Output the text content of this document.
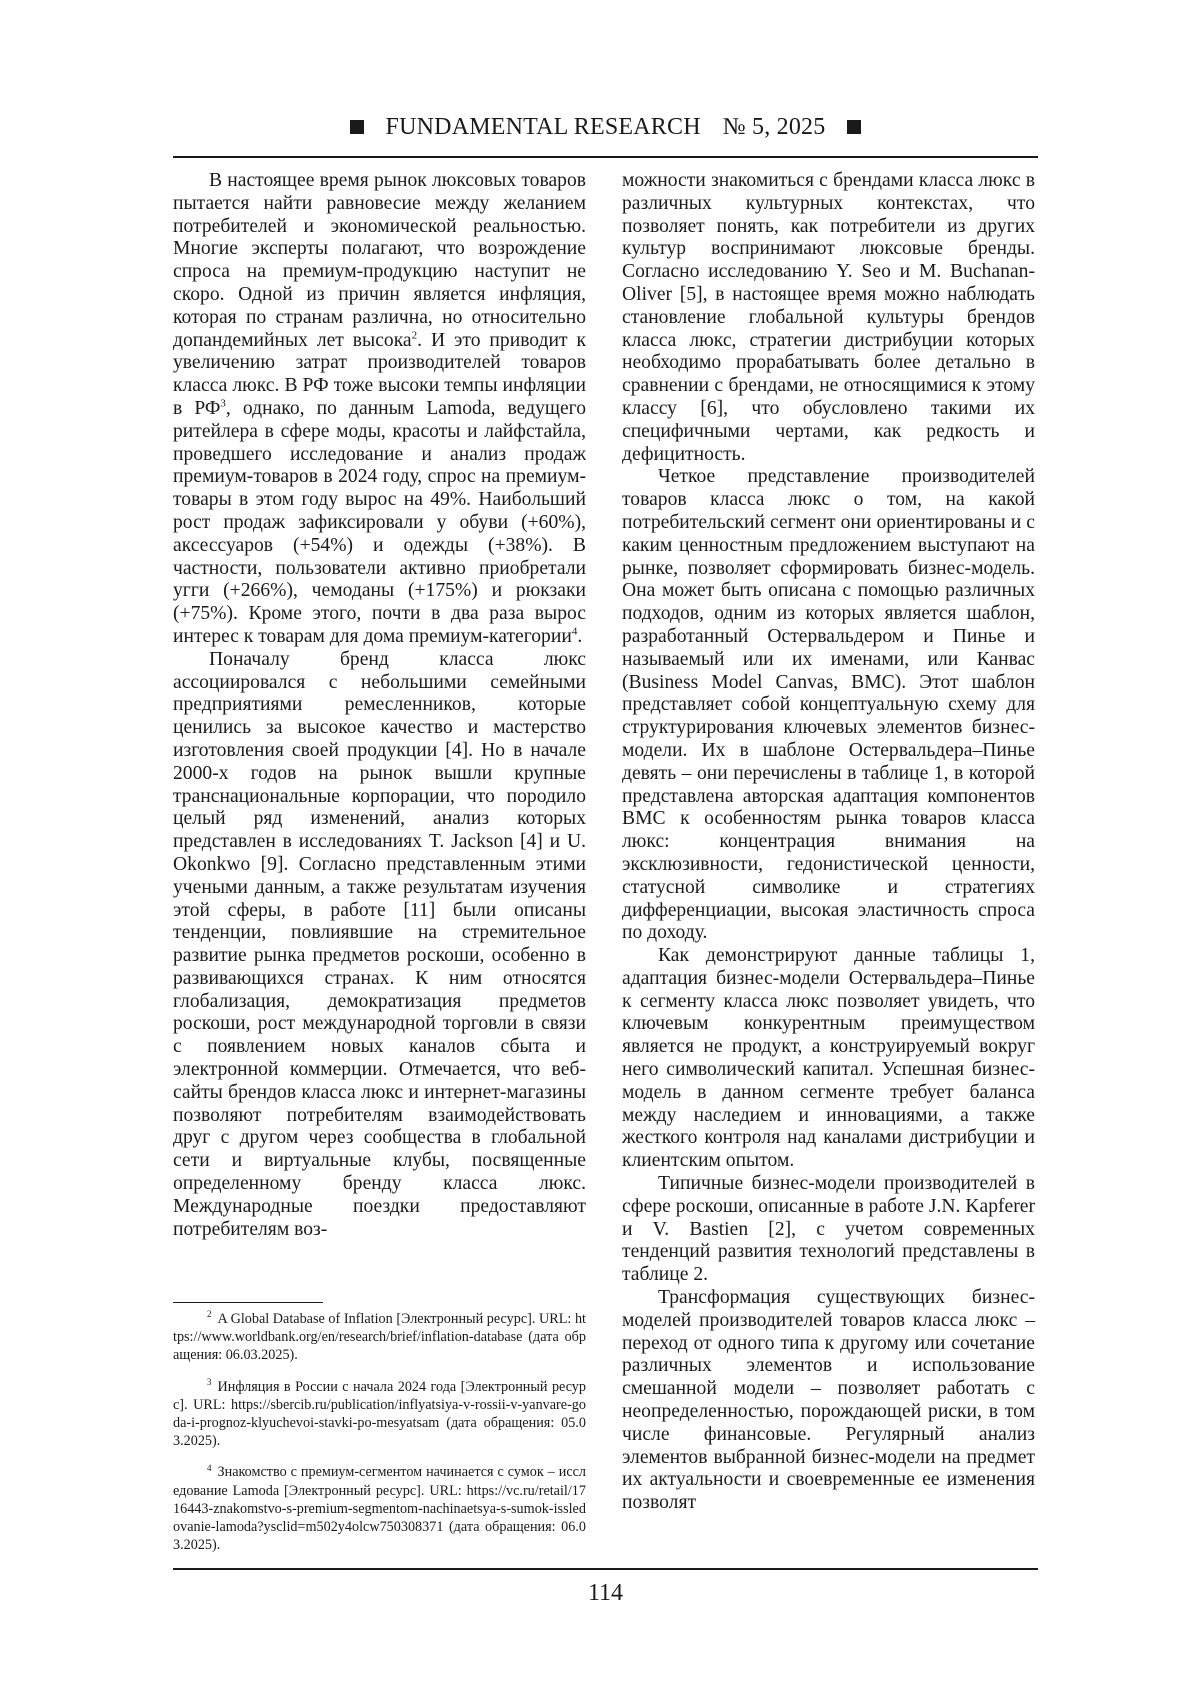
FUNDAMENTAL RESEARCH № 5, 2025

В настоящее время рынок люксовых товаров пытается найти равновесие между желанием потребителей и экономической реальностью. Многие эксперты полагают, что возрождение спроса на премиум-продукцию наступит не скоро. Одной из причин является инфляция, которая по странам различна, но относительно допандемийных лет высока$^2$. И это приводит к увеличению затрат производителей товаров класса люкс. В РФ тоже высоки темпы инфляции в $РФ^3$, однако, по данным Lamoda, ведущего ритейлера в сфере моды, красоты и лайфстайла, проведшего исследование и анализ продаж премиум-товаров в 2024 году, спрос на премиум-товары в этом году вырос на 49%. Наибольший рост продаж зафиксировали у обуви (+60%), аксессуаров (+54%) и одежды (+38%). В частности, пользователи активно приобретали угги (+266%), чемоданы (+175%) и рюкзаки (+75%). Кроме этого, почти в два раза вырос интерес к товарам для дома премиум-категории$^4$.

Поначалу бренд класса люкс ассоциировался с небольшими семейными предприятиями ремесленников, которые ценились за высокое качество и мастерство изготовления своей продукции [4]. Но в начале 2000-х годов на рынок вышли крупные транснациональные корпорации, что породило целый ряд изменений, анализ которых представлен в исследованиях T. Jackson [4] и U. Okonkwo [9]. Согласно представленным этими учеными данным, а также результатам изучения этой сферы, в работе [11] были описаны тенденции, повлиявшие на стремительное развитие рынка предметов роскоши, особенно в развивающихся странах. К ним относятся глобализация, демократизация предметов роскоши, рост международной торговли в связи с появлением новых каналов сбыта и электронной коммерции. Отмечается, что веб-сайты брендов класса люкс и интернет-магазины позволяют потребителям взаимодействовать друг с другом через сообщества в глобальной сети и виртуальные клубы, посвященные определенному бренду класса люкс. Международные поездки предоставляют потребителям воз-

можности знакомиться с брендами класса люкс в различных культурных контекстах, что позволяет понять, как потребители из других культур воспринимают люксовые бренды. Согласно исследованию Y. Seo и M. Buchanan-Oliver [5], в настоящее время можно наблюдать становление глобальной культуры брендов класса люкс, стратегии дистрибуции которых необходимо прорабатывать более детально в сравнении с брендами, не относящимися к этому классу [6], что обусловлено такими их специфичными чертами, как редкость и дефицитность.

Четкое представление производителей товаров класса люкс о том, на какой потребительский сегмент они ориентированы и с каким ценностным предложением выступают на рынке, позволяет сформировать бизнес-модель. Она может быть описана с помощью различных подходов, одним из которых является шаблон, разработанный Остервальдером и Пинье и называемый или их именами, или Канвас (Business Model Canvas, BMC). Этот шаблон представляет собой концептуальную схему для структурирования ключевых элементов бизнес-модели. Их в шаблоне Остервальдера–Пинье девять – они перечислены в таблице 1, в которой представлена авторская адаптация компонентов BMC к особенностям рынка товаров класса люкс: концентрация внимания на эксклюзивности, гедонистической ценности, статусной символике и стратегиях дифференциации, высокая эластичность спроса по доходу.

Как демонстрируют данные таблицы 1, адаптация бизнес-модели Остервальдера–Пинье к сегменту класса люкс позволяет увидеть, что ключевым конкурентным преимуществом является не продукт, а конструируемый вокруг него символический капитал. Успешная бизнес-модель в данном сегменте требует баланса между наследием и инновациями, а также жесткого контроля над каналами дистрибуции и клиентским опытом.

Типичные бизнес-модели производителей в сфере роскоши, описанные в работе J.N. Kapferer и V. Bastien [2], с учетом современных тенденций развития технологий представлены в таблице 2.

Трансформация существующих бизнес-моделей производителей товаров класса люкс – переход от одного типа к другому или сочетание различных элементов и использование смешанной модели – позволяет работать с неопределенностью, порождающей риски, в том числе финансовые. Регулярный анализ элементов выбранной бизнес-модели на предмет их актуальности и своевременные ее изменения позволят

$^2$ A Global Database of Inflation [Электронный ресурс]. URL: https://www.worldbank.org/en/research/brief/inflation-database (дата обращения: 06.03.2025).

$^3$ Инфляция в России с начала 2024 года [Электронный ресурс]. URL: https://sbercib.ru/publication/inflyatsiya-v-rossii-v-yanvare-goda-i-prognoz-klyuchevoi-stavki-po-mesyatsam (дата обращения: 05.03.2025).

$^4$ Знакомство с премиум-сегментом начинается с сумок – исследование Lamoda [Электронный ресурс]. URL: https://vc.ru/retail/1716443-znakomstvo-s-premium-segmentom-nachinaetsya-s-sumok-issledovanie-lamoda?ysclid=m502y4olcw750308371 (дата обращения: 06.03.2025).

114
